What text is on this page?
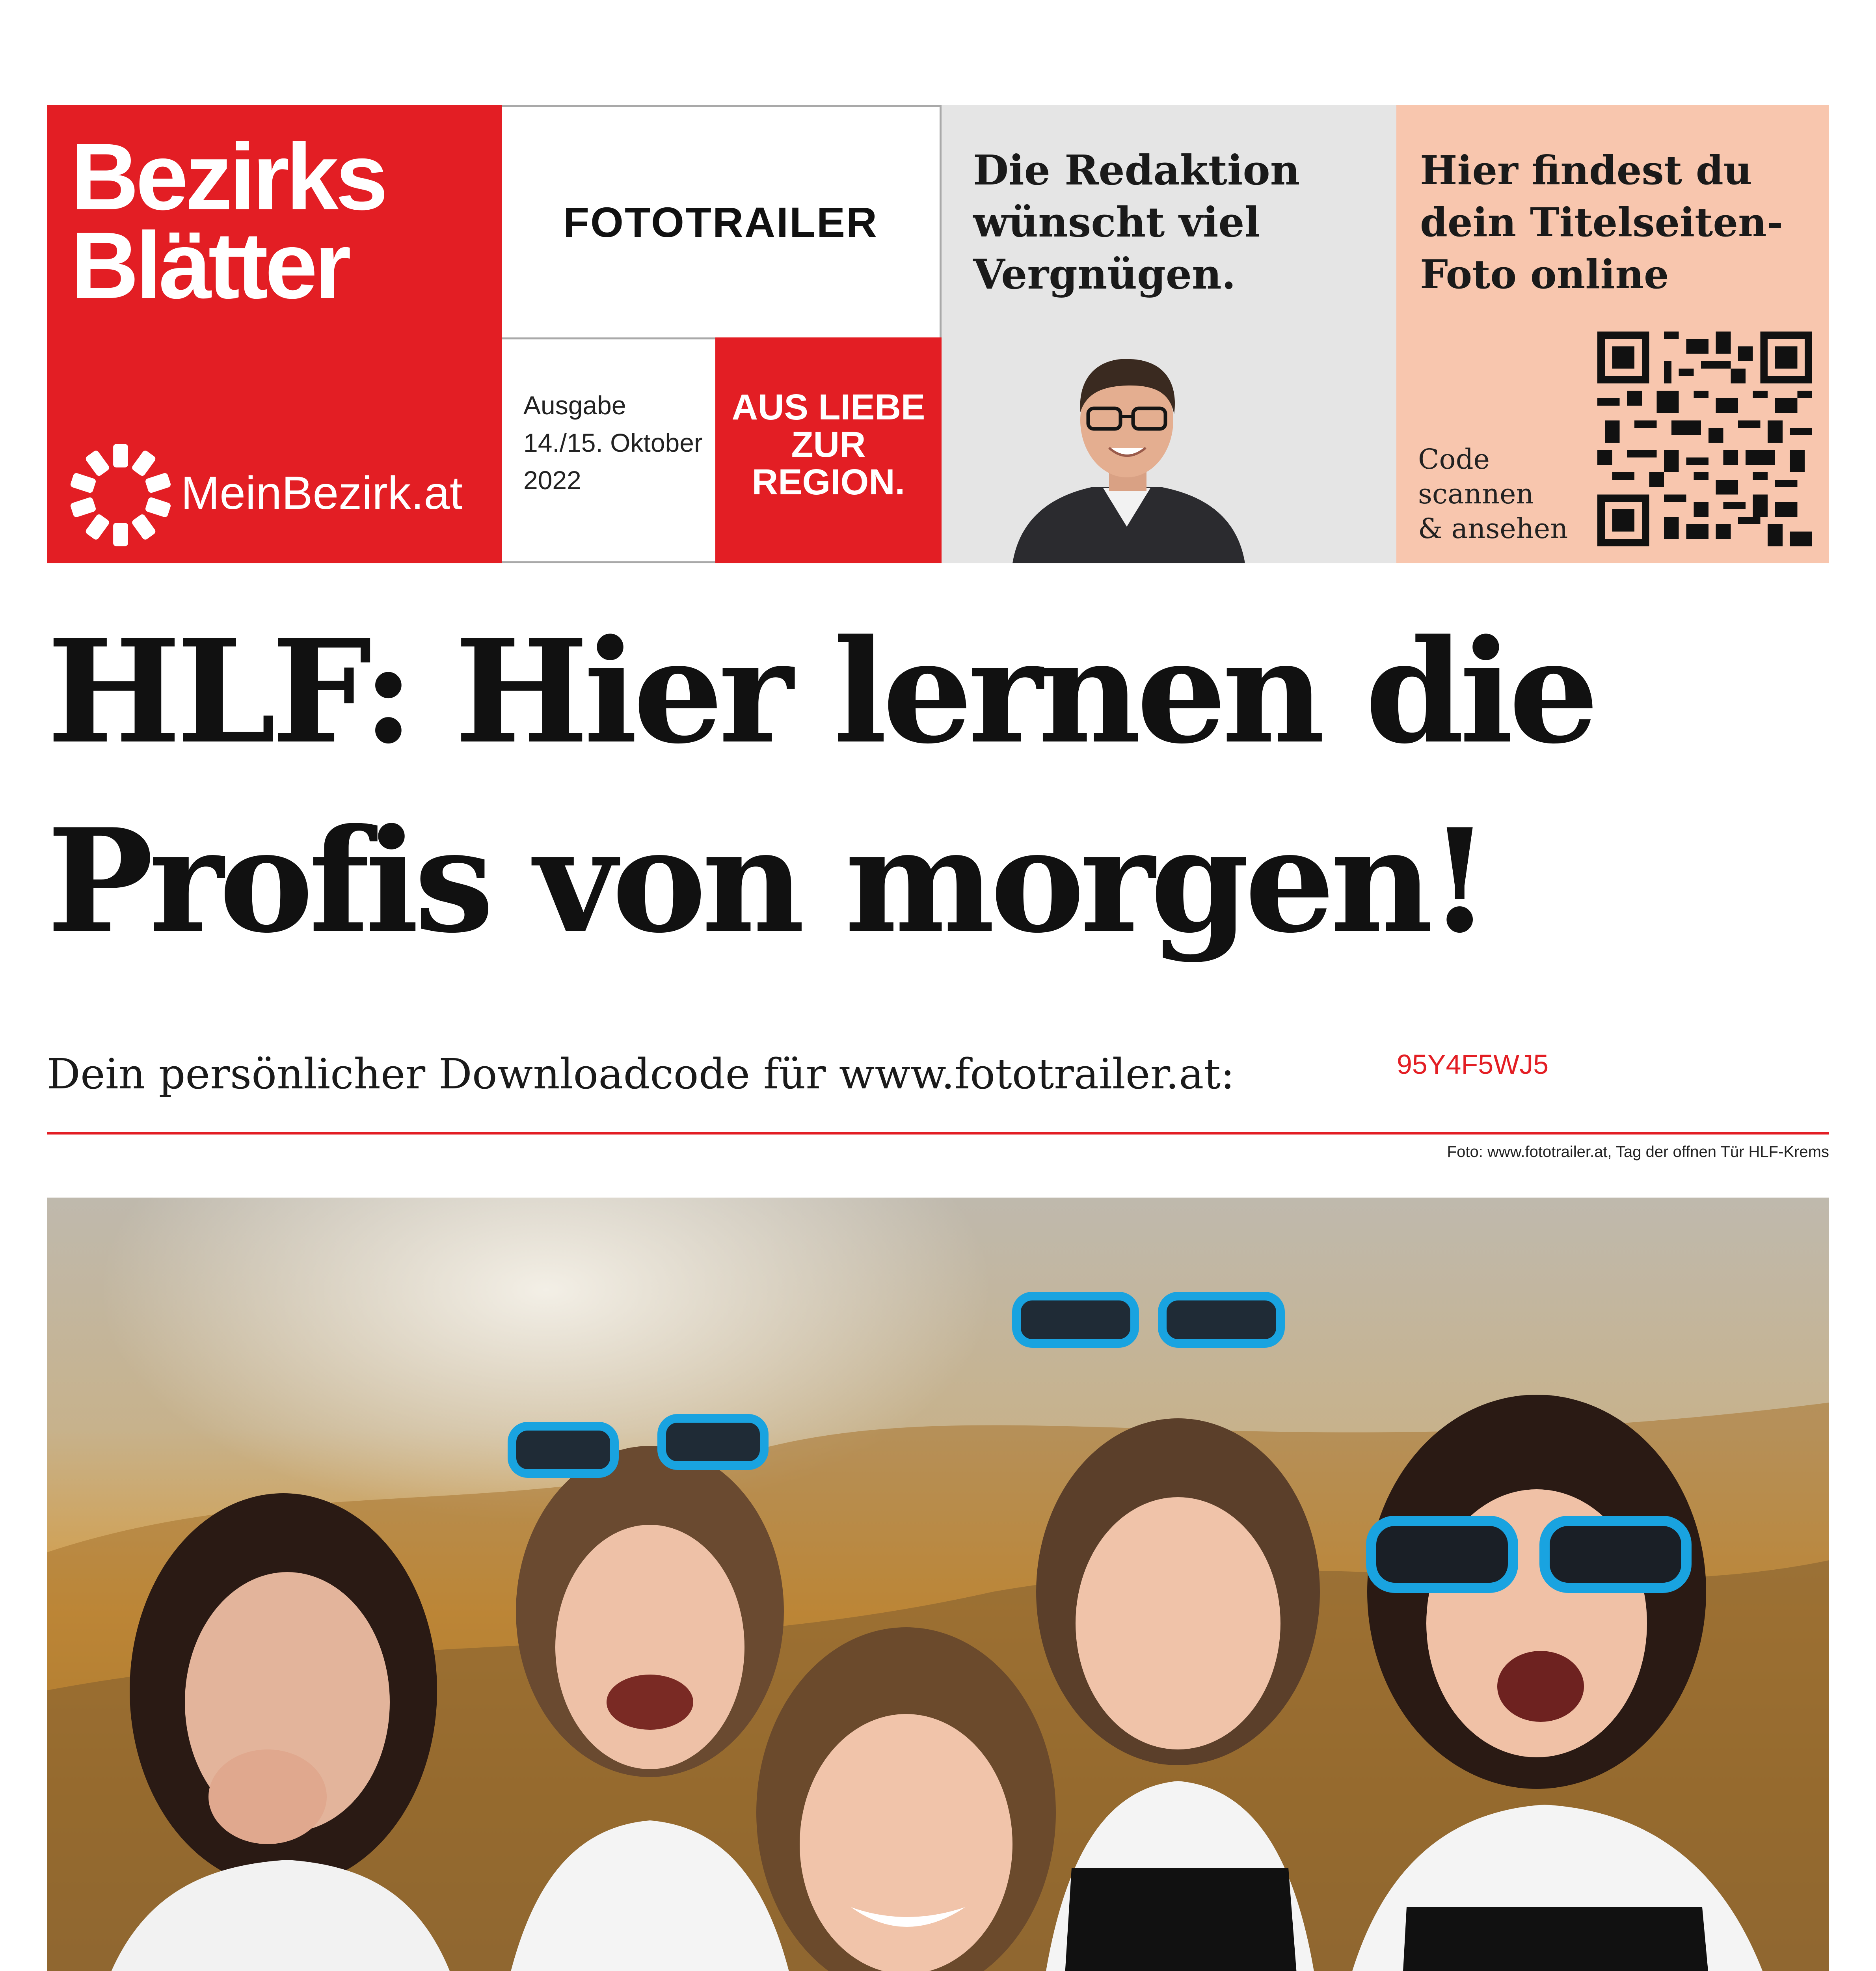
Bezirks
Blätter
MeinBezirk.at
FOTOTRAILER
Ausgabe
14./15. Oktober
2022
AUS LIEBE
ZUR
REGION.
Die Redaktion
wünscht viel
Vergnügen.
Hier findest du
dein Titelseiten-
Foto online
Code
scannen
& ansehen
HLF: Hier lernen die
Profis von morgen!
Dein persönlicher Downloadcode für www.fototrailer.at:	95Y4F5WJ5
Foto: www.fototrailer.at, Tag der offnen Tür HLF-Krems
